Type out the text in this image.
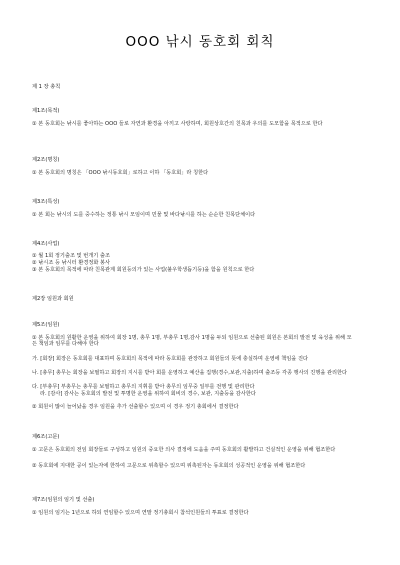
OOO 낚시 동호회 회칙
제 1 장 총칙
제1조(목적)
① 본 동호회는 낚시를 좋아하는 OOO 들로 자연과 환경을 아끼고 사랑하며, 회원상호간의 친목과 우의를 도모함을 목적으로 한다
제2조(명칭)
① 본 동호회의 명칭은 「OOO 낚시동호회」로하고 이하 「동호회」라 칭한다
제3조(특성)
① 본 회는 낚시의 도를 중수하는 정통 낚시 모임이며 민물 및 바다낚시를 하는 순순한 친목단체이다
제4조(사업)
① 월 1회 정기출조 및 번개기 출조
② 낚시조 등 낚시터 환경정화 봉사
③ 본 동호회의 목적에 따라 친목관계 회원등의가 있는 사업(불우학생돕기등)을 함을 원칙으로 한다
제2장 임원과 회원
제5조(임원)
① 본 동호회의 원활한 운영을 위하여 회장 1명, 총무 1명, 부총무 1명,감사 1명을 두되 임원으로 선출된 회원은 본회의 발전 및 육성을 위해 모든 책임과 임무를 다해야 한다
가. [회장] 회장은 동호회를 대표하며 동호회의 목적에 따라 동호회를 관장하고 회원들의 뜻에 충실하며 운영에 책임을 진다
나. [총무] 총무는 회장을 보필하고 회장의 지시를 받아 회를 운영하고 예산을 집행(경수,보관,지출)하며 출조등 각종 행사의 진행을 관리한다
다. [부총무] 부총무는 총무를 보필하고 총무의 지휘를 받아 총무의 임무중 일부를 전행 및 관리한다
라. [감사] 감사는 동호회의 발전 및 투명한 운영을 위하여 회비의 경수, 보관, 지출등을 감사한다
② 회원이 많이 늘어났을 경우 임원을 추가 선출할수 있으며 이 경우 정기 총회에서 결정한다
제6조(고문)
① 고문은 동호회의 전임 회장들로 구성하고 임원의 중요한 의사 결정에 도움을 주며 동호회의 활발하고 건실적인 운영을 위해 협조한다
② 동호회에 지대한 공이 있는자에 한하여 고문으로 위촉할수 있으며 위촉된자는 동호회의 성공적인 운영을 위해 협조한다
제7조(임원의 임기 및 선출)
① 임원의 임기는 1년으로 하되 연임할수 있으며 연말 정기총회시 참석인원들의 투표로 결정한다
